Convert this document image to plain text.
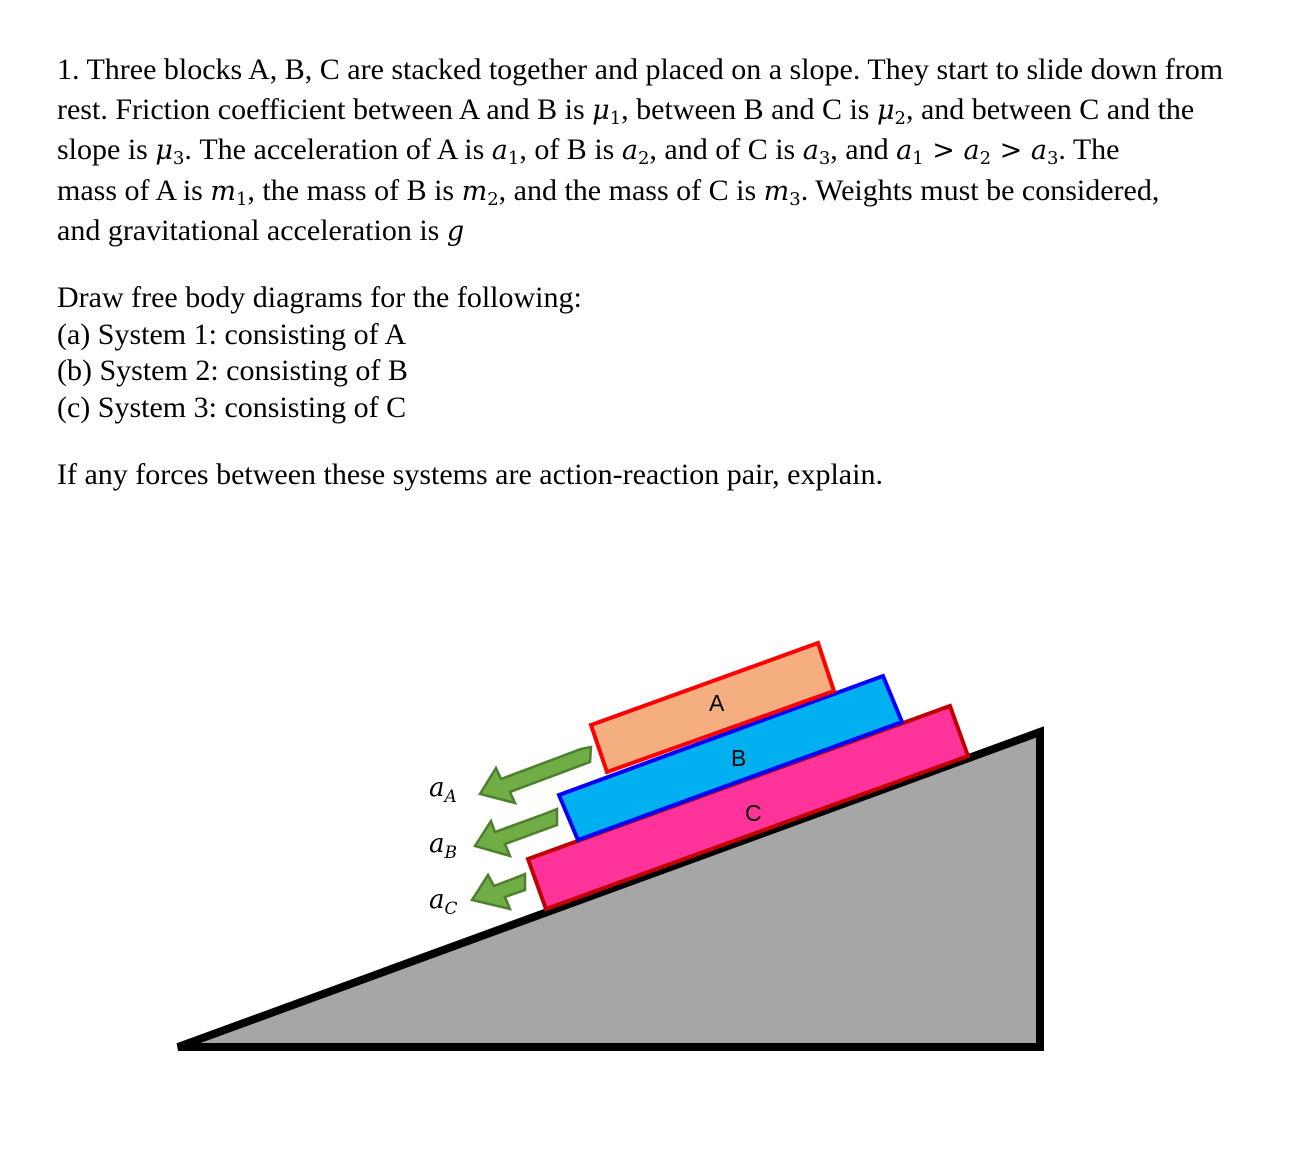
1. Three blocks A, B, C are stacked together and placed on a slope. They start to slide down from
rest. Friction coefficient between A and B is $\mu_1$, between B and C is $\mu_2$, and between C and the
slope is $\mu_3$. The acceleration of A is $a_1$, of B is $a_2$, and of C is $a_3$, and $a_1 > a_2 > a_3$. The
mass of A is $m_1$, the mass of B is $m_2$, and the mass of C is $m_3$. Weights must be considered,
and gravitational acceleration is g
Draw free body diagrams for the following:
(a) System 1: consisting of A
(b) System 2: consisting of B
(c) System 3: consisting of C
If any forces between these systems are action-reaction pair, explain.
A
B
C
aA
aB
aC
